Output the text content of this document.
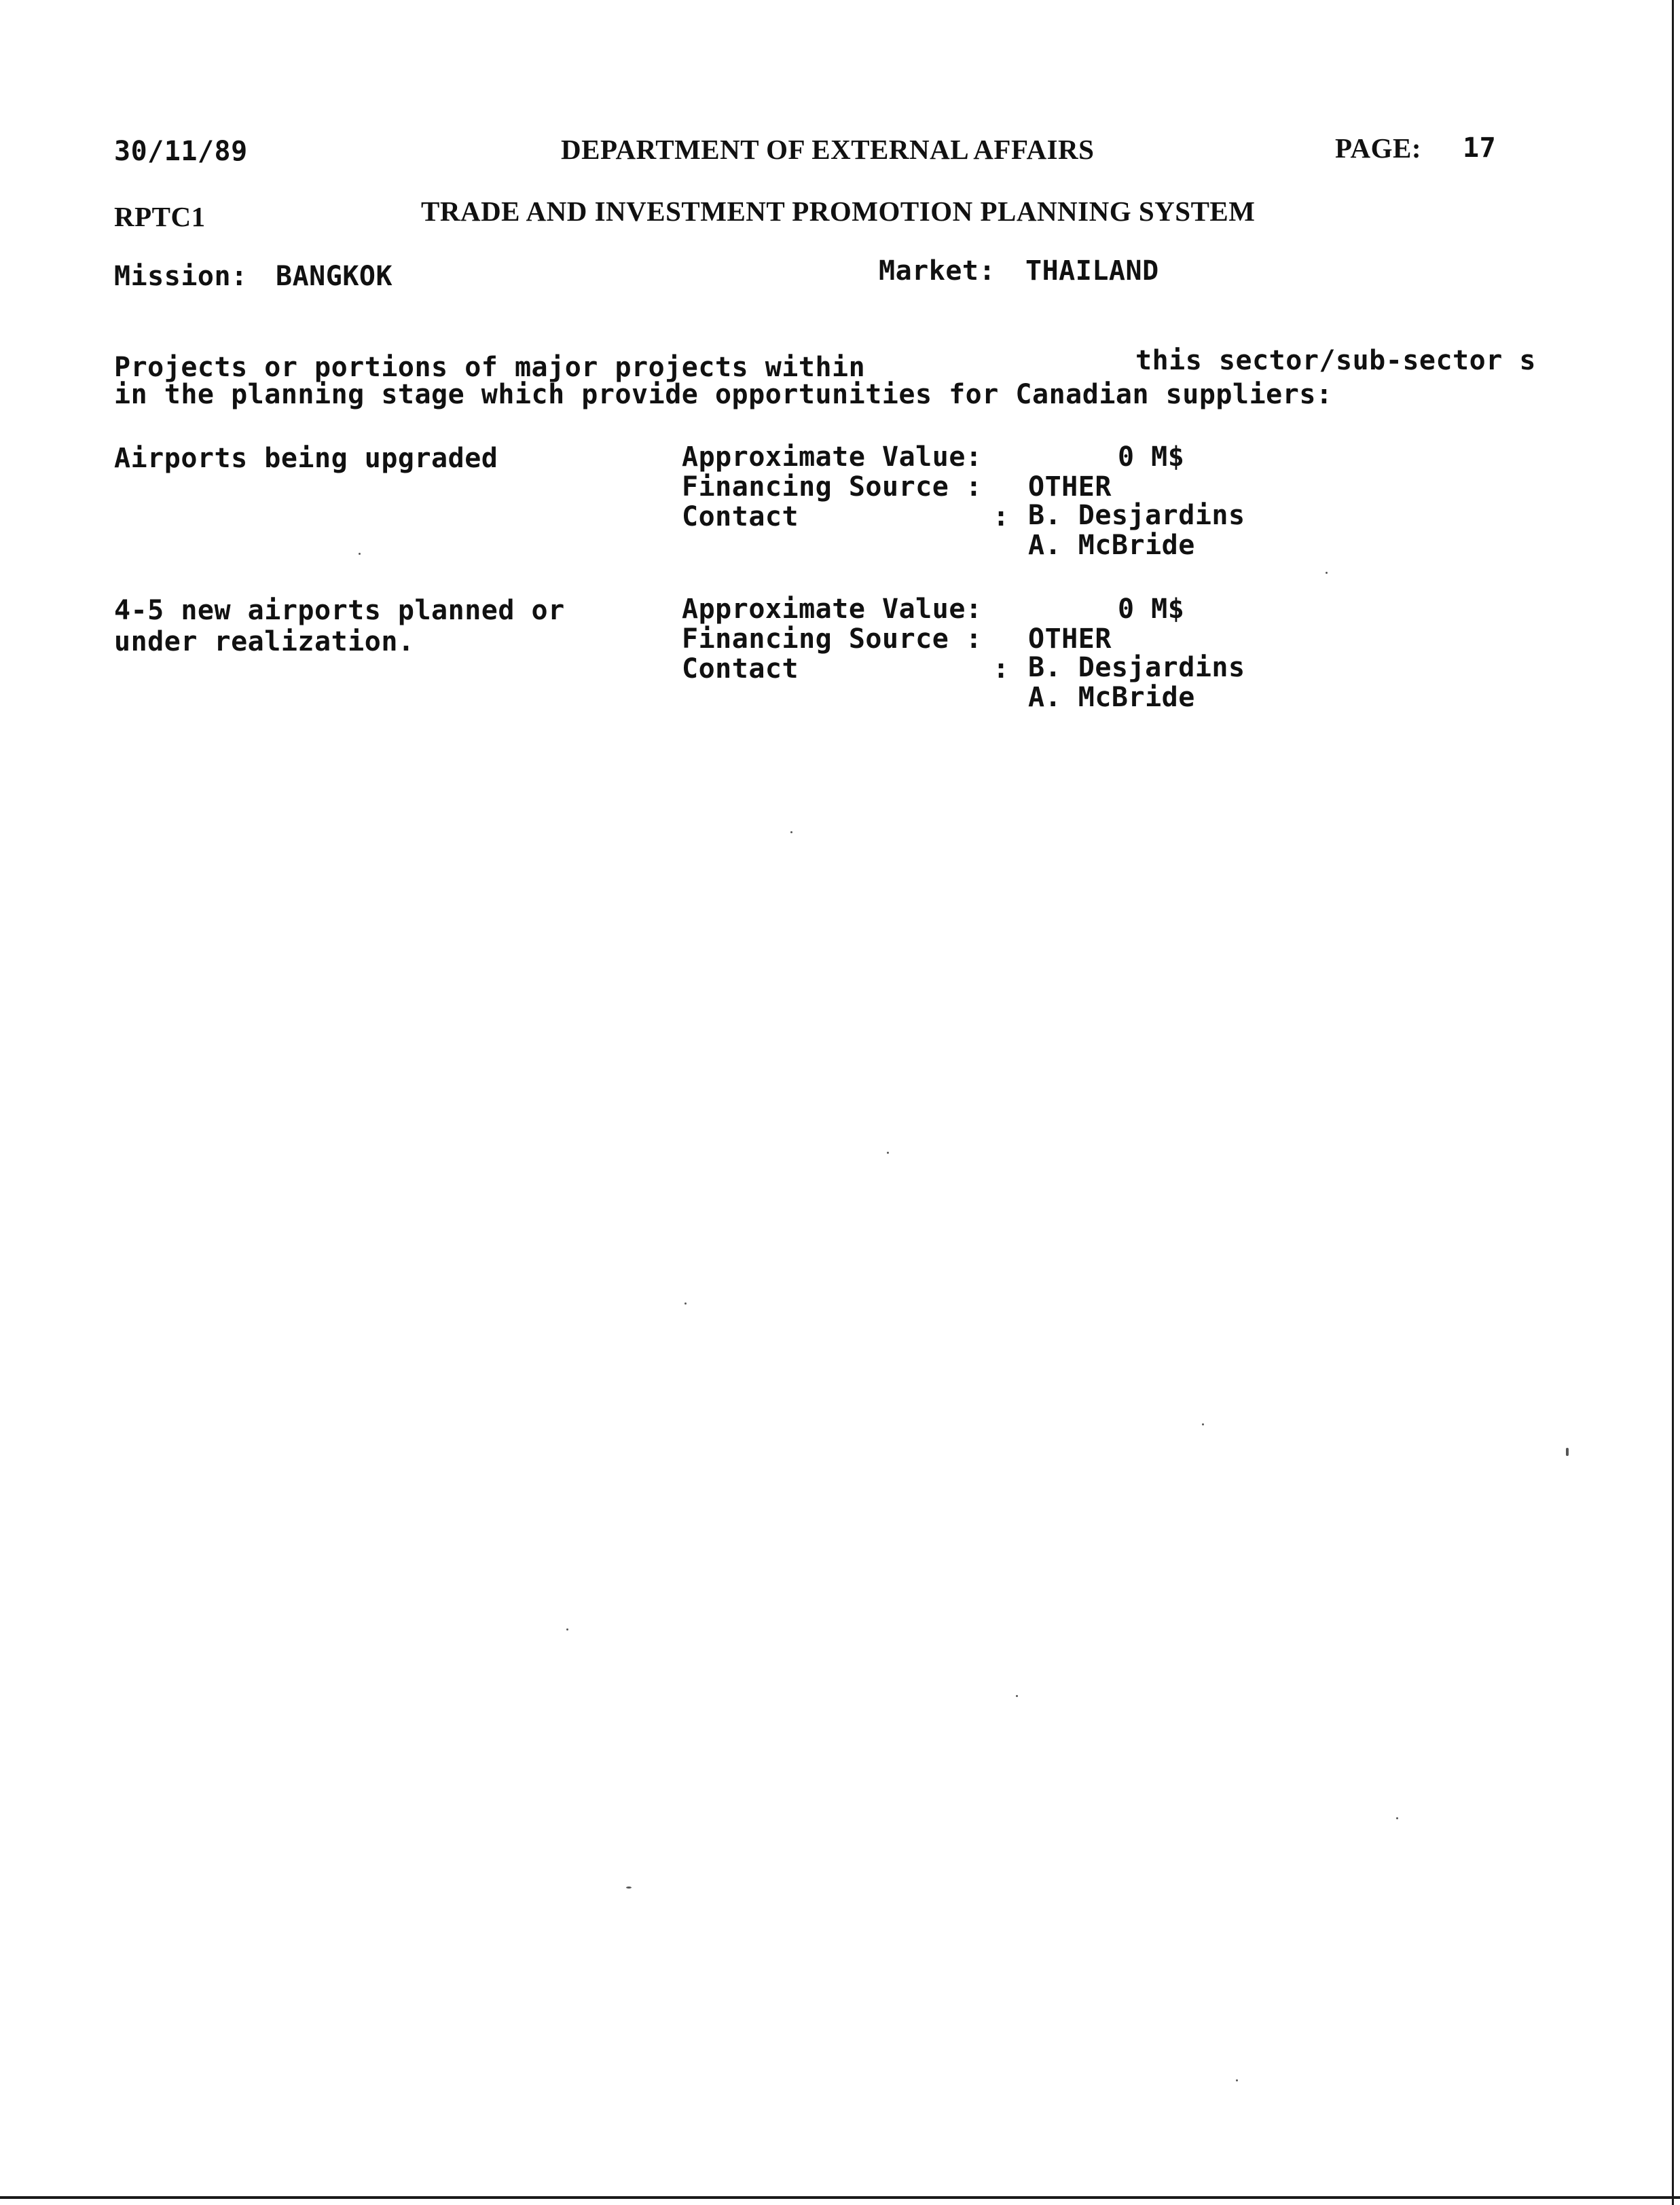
30/11/89	DEPARTMENT OF EXTERNAL AFFAIRS	PAGE: 17
RPTC1	TRADE AND INVESTMENT PROMOTION PLANNING SYSTEM
Mission: BANGKOK	Market: THAILAND
Projects or portions of major projects within	this sector/sub-sector s
in the planning stage which provide opportunities for Canadian suppliers:
Airports being upgraded	Approximate Value:	0 M$
Financing Source : OTHER
Contact	: B. Desjardins
A. McBride
4-5 new airports planned or
under realization.
Approximate Value:	0 M$
Financing Source : OTHER
Contact	: B. Desjardins
A. McBride
